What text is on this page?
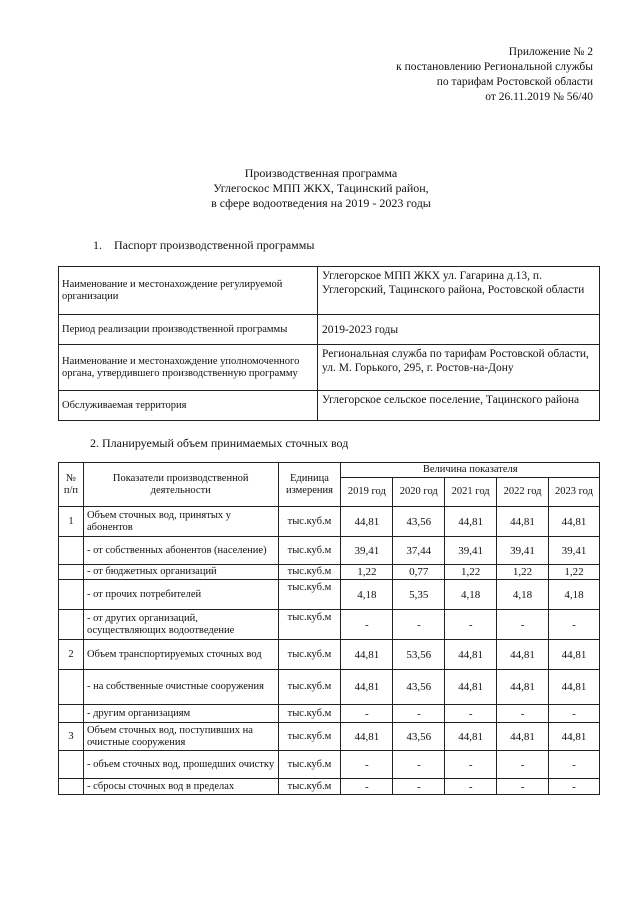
Приложение № 2
к постановлению Региональной службы
по тарифам Ростовской области
от 26.11.2019 № 56/40
Производственная программа
Углегоскос МПП ЖКХ, Тацинский район,
в сфере водоотведения на 2019 - 2023 годы
1. Паспорт производственной программы
Наименование и местонахождение регулируемой организации	Углегорское МПП ЖКХ ул. Гагарина д.13, п. Углегорский, Тацинского района, Ростовской области
Период реализации производственной программы	2019-2023 годы
Наименование и местонахождение уполномоченного органа, утвердившего производственную программу	Региональная служба по тарифам Ростовской области, ул. М. Горького, 295, г. Ростов-на-Дону
Обслуживаемая территория	Углегорское сельское поселение, Тацинского района
2. Планируемый объем принимаемых сточных вод
№ п/п	Показатели производственной деятельности	Единица измерения	Величина показателя				
			2019 год	2020 год	2021 год	2022 год	2023 год
1	Объем сточных вод, принятых у абонентов	тыс.куб.м	44,81	43,56	44,81	44,81	44,81
	- от собственных абонентов (население)	тыс.куб.м	39,41	37,44	39,41	39,41	39,41
	- от бюджетных организаций	тыс.куб.м	1,22	0,77	1,22	1,22	1,22
	- от прочих потребителей	тыс.куб.м	4,18	5,35	4,18	4,18	4,18
	- от других организаций, осуществляющих водоотведение	тыс.куб.м	-	-	-	-	-
2	Объем транспортируемых сточных вод	тыс.куб.м	44,81	53,56	44,81	44,81	44,81
	- на собственные очистные сооружения	тыс.куб.м	44,81	43,56	44,81	44,81	44,81
	- другим организациям	тыс.куб.м	-	-	-	-	-
3	Объем сточных вод, поступивших на очистные сооружения	тыс.куб.м	44,81	43,56	44,81	44,81	44,81
	- объем сточных вод, прошедших очистку	тыс.куб.м	-	-	-	-	-
	- сбросы сточных вод в пределах	тыс.куб.м	-	-	-	-	-
